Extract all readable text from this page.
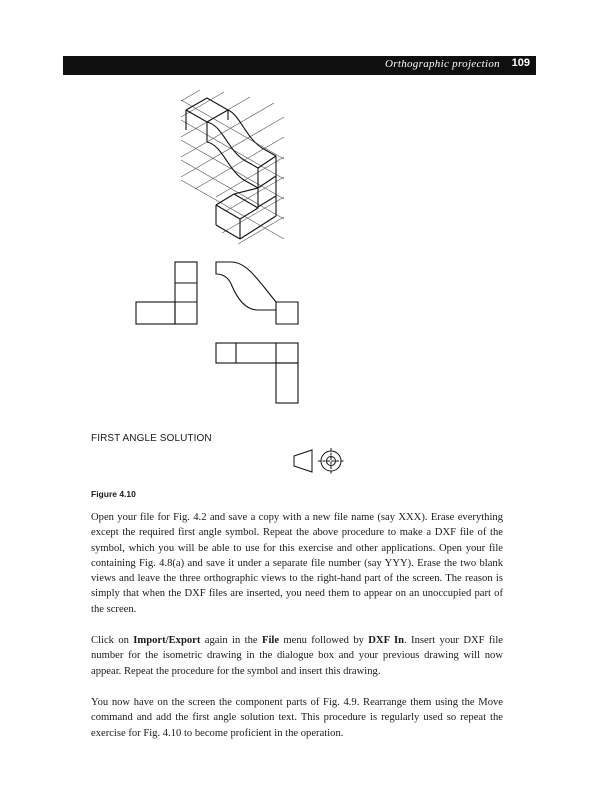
Orthographic projection 109
FIRST ANGLE SOLUTION
Figure 4.10

Open your file for Fig. 4.2 and save a copy with a new file name (say XXX). Erase everything except the required first angle symbol. Repeat the above procedure to make a DXF file of the symbol, which you will be able to use for this exercise and other applications. Open your file containing Fig. 4.8(a) and save it under a separate file number (say YYY). Erase the two blank views and leave the three orthographic views to the right-hand part of the screen. The reason is simply that when the DXF files are inserted, you need them to appear on an unoccupied part of the screen.

Click on Import/Export again in the File menu followed by DXF In. Insert your DXF file number for the isometric drawing in the dialogue box and your previous drawing will now appear. Repeat the procedure for the symbol and insert this drawing.

You now have on the screen the component parts of Fig. 4.9. Rearrange them using the Move command and add the first angle solution text. This procedure is regularly used so repeat the exercise for Fig. 4.10 to become proficient in the operation.
